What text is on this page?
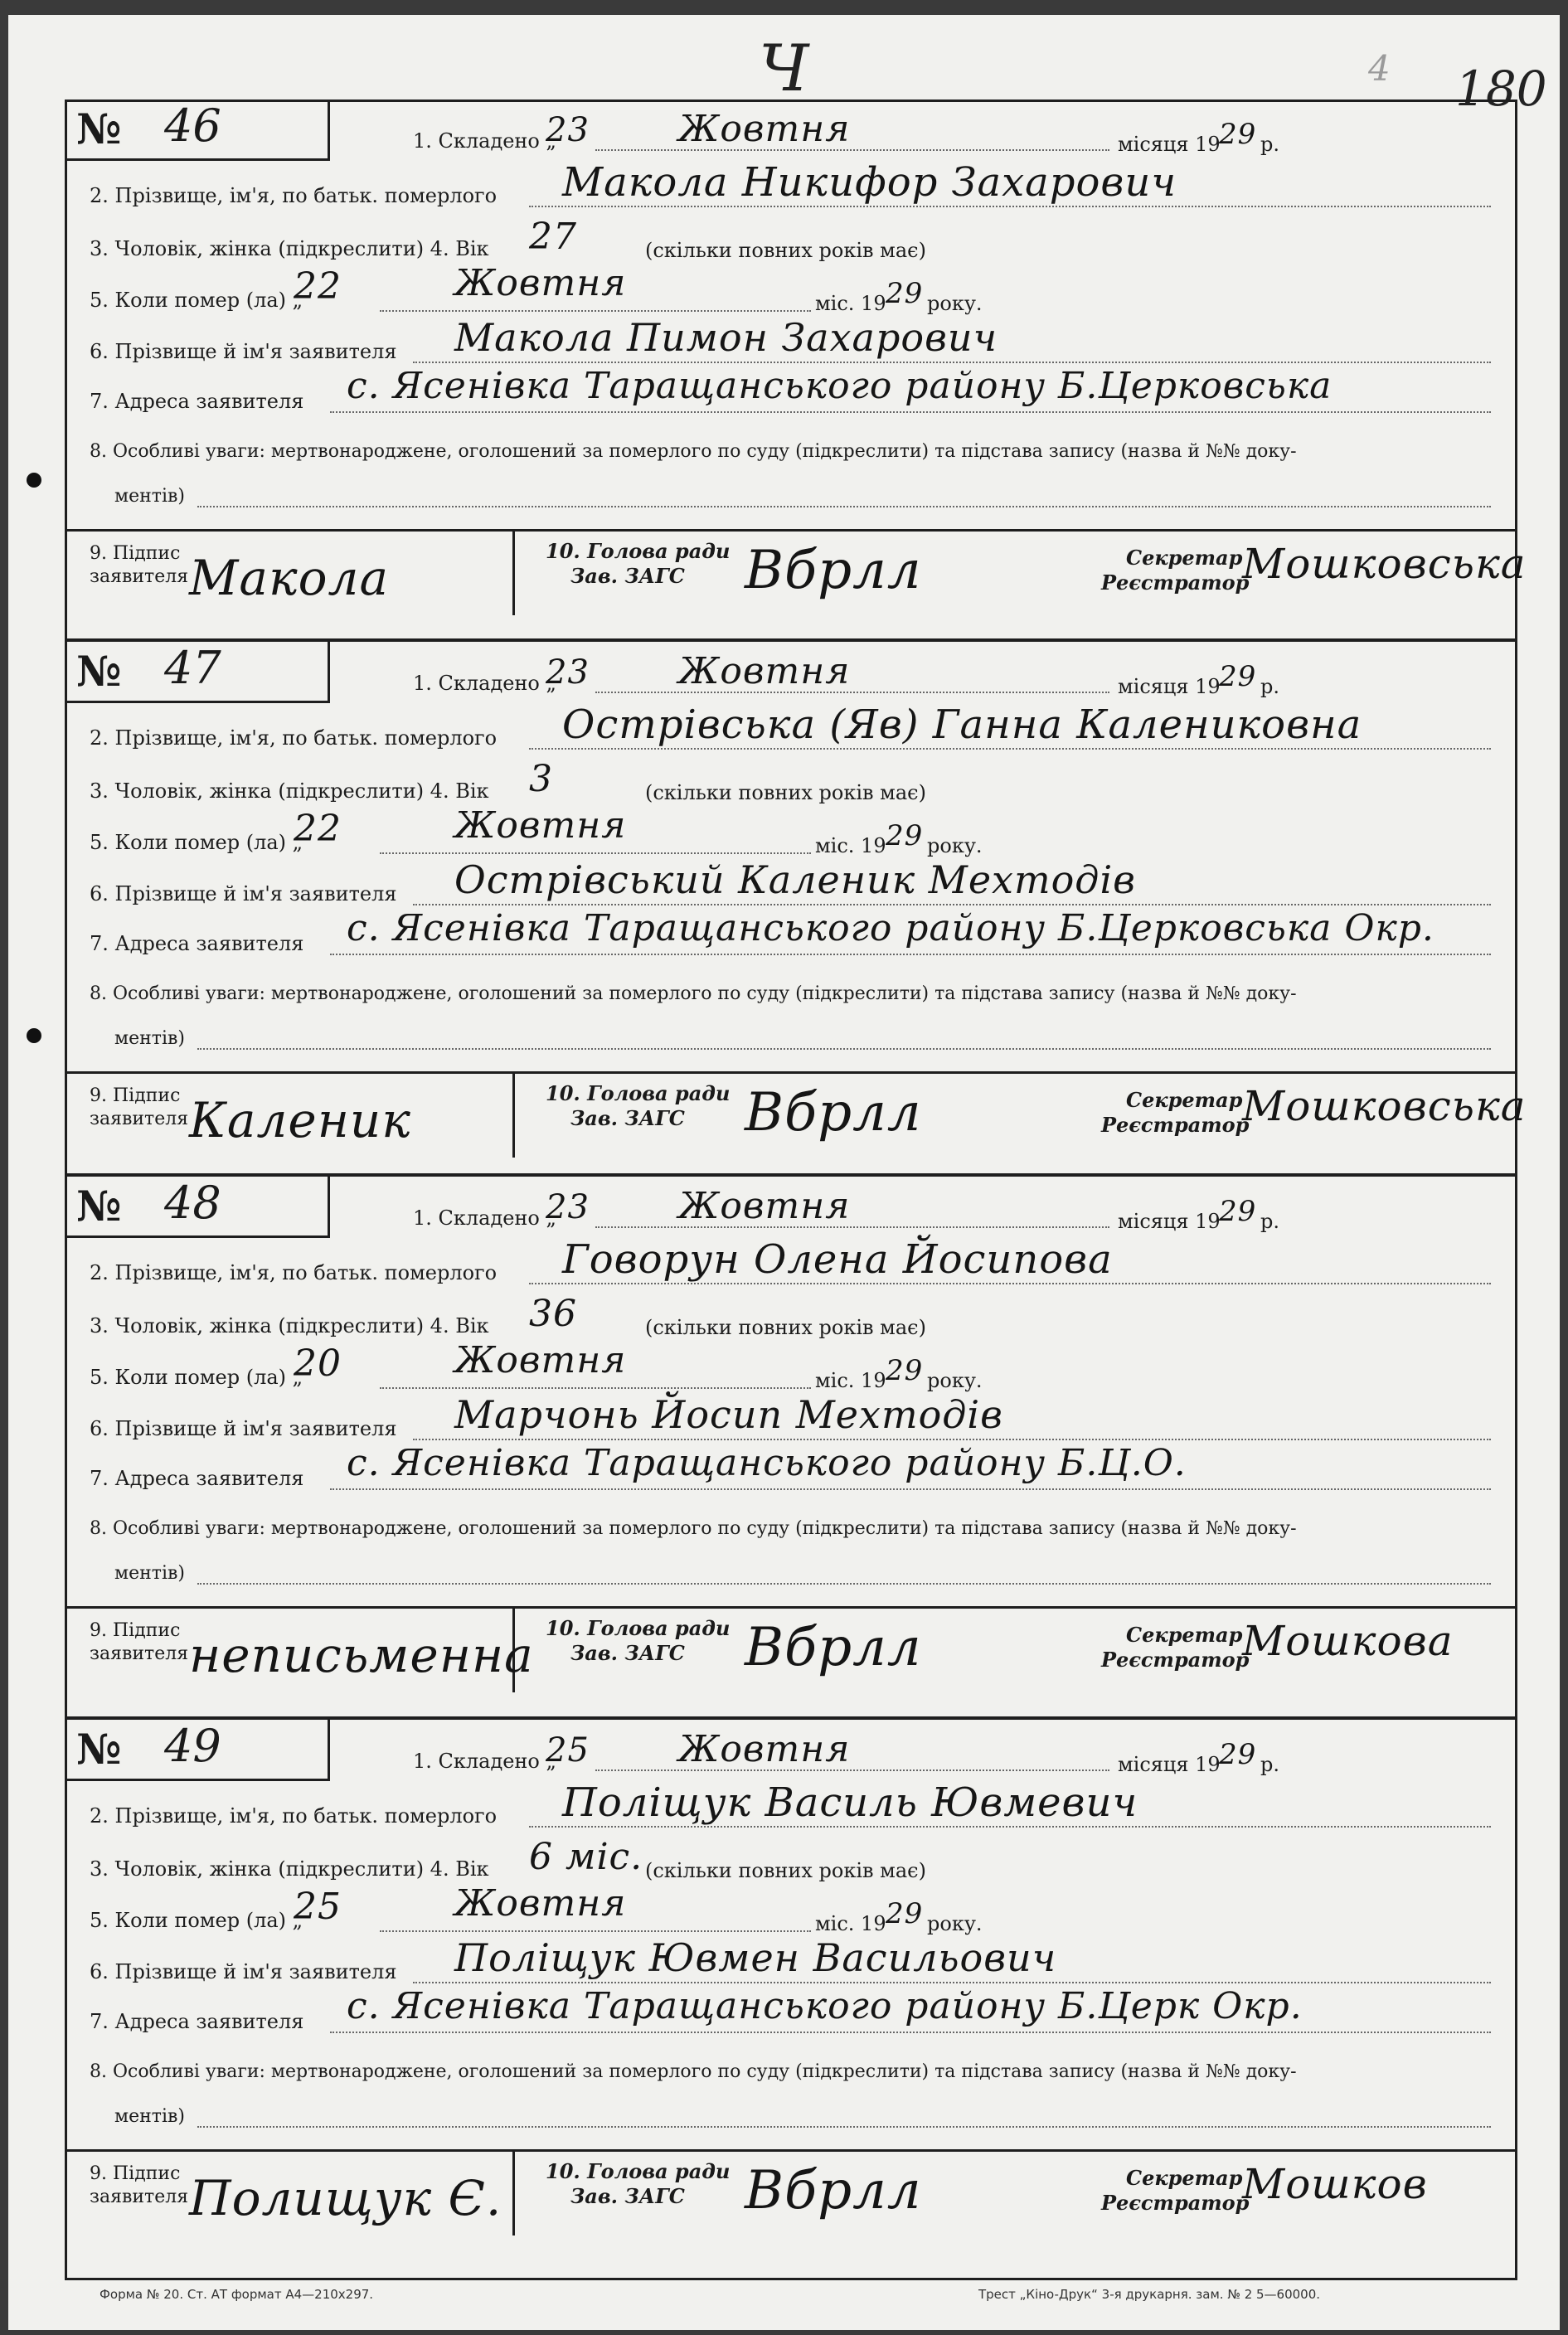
Ч	4 180
№ 46	1. Складено „
23 Жовтня	місяця 19
29 р.
2. Прізвище, ім'я, по батьк. померлого Макола Никифор Захарович
3. Чоловік, жінка (підкреслити) 4. Вік 27	(скільки повних років має)
5. Коли помер (ла) „
22	Жовтня	міс. 19 29 року.
6. Прізвище й ім'я заявителя Макола Пимон Захарович
7. Адреса заявителя с. Ясенівка Таращанського району Б.Церковська
8. Особливі уваги: мертвонароджене, оголошений за померлого по суду (підкреслити) та підстава запису (назва й №№ доку-
ментів)
9. Підпис
заявителя Макола	10. Голова ради
Зав. ЗАГС Вбрлл	Секретар
Реєстратор
Мошковська
№ 47	1. Складено „
23 Жовтня	місяця 19
29 р.
2. Прізвище, ім'я, по батьк. померлого Острівська (Яв) Ганна Калениковна
3. Чоловік, жінка (підкреслити) 4. Вік 3	(скільки повних років має)
5. Коли помер (ла) „
22	Жовтня	міс. 19 29 року.
6. Прізвище й ім'я заявителя Острівський Каленик Мехтодів
7. Адреса заявителя с. Ясенівка Таращанського району Б.Церковська Окр.
8. Особливі уваги: мертвонароджене, оголошений за померлого по суду (підкреслити) та підстава запису (назва й №№ доку-
ментів)
9. Підпис
заявителя Каленик	10. Голова ради
Зав. ЗАГС Вбрлл	Секретар
Реєстратор
Мошковська
№ 48	1. Складено „
23 Жовтня	місяця 19
29 р.
2. Прізвище, ім'я, по батьк. померлого Говорун Олена Йосипова
3. Чоловік, жінка (підкреслити) 4. Вік 36	(скільки повних років має)
5. Коли помер (ла) „
20	Жовтня	міс. 19 29 року.
6. Прізвище й ім'я заявителя Марчонь Йосип Мехтодів
7. Адреса заявителя с. Ясенівка Таращанського району Б.Ц.О.
8. Особливі уваги: мертвонароджене, оголошений за померлого по суду (підкреслити) та підстава запису (назва й №№ доку-
ментів)
9. Підпис
заявителя неписьменна 10. Голова ради
Зав. ЗАГС Вбрлл	Секретар
Реєстратор
Мошкова
№ 49	1. Складено „
25 Жовтня	місяця 19
29 р.
2. Прізвище, ім'я, по батьк. померлого Поліщук Василь Ювмевич
3. Чоловік, жінка (підкреслити) 4. Вік 6 міс. (скільки повних років має)
5. Коли помер (ла) „
25	Жовтня	міс. 19 29 року.
6. Прізвище й ім'я заявителя Поліщук Ювмен Васильович
7. Адреса заявителя с. Ясенівка Таращанського району Б.Церк Окр.
8. Особливі уваги: мертвонароджене, оголошений за померлого по суду (підкреслити) та підстава запису (назва й №№ доку-
ментів)
9. Підпис
заявителя Полищук Є. 10. Голова ради
Зав. ЗАГС Вбрлл	Секретар
Реєстратор
Мошков
Форма № 20. Ст. АТ формат А4—210х297.	Трест „Кінo-Друк“ 3-я друкарня. зам. № 2 5—60000.
